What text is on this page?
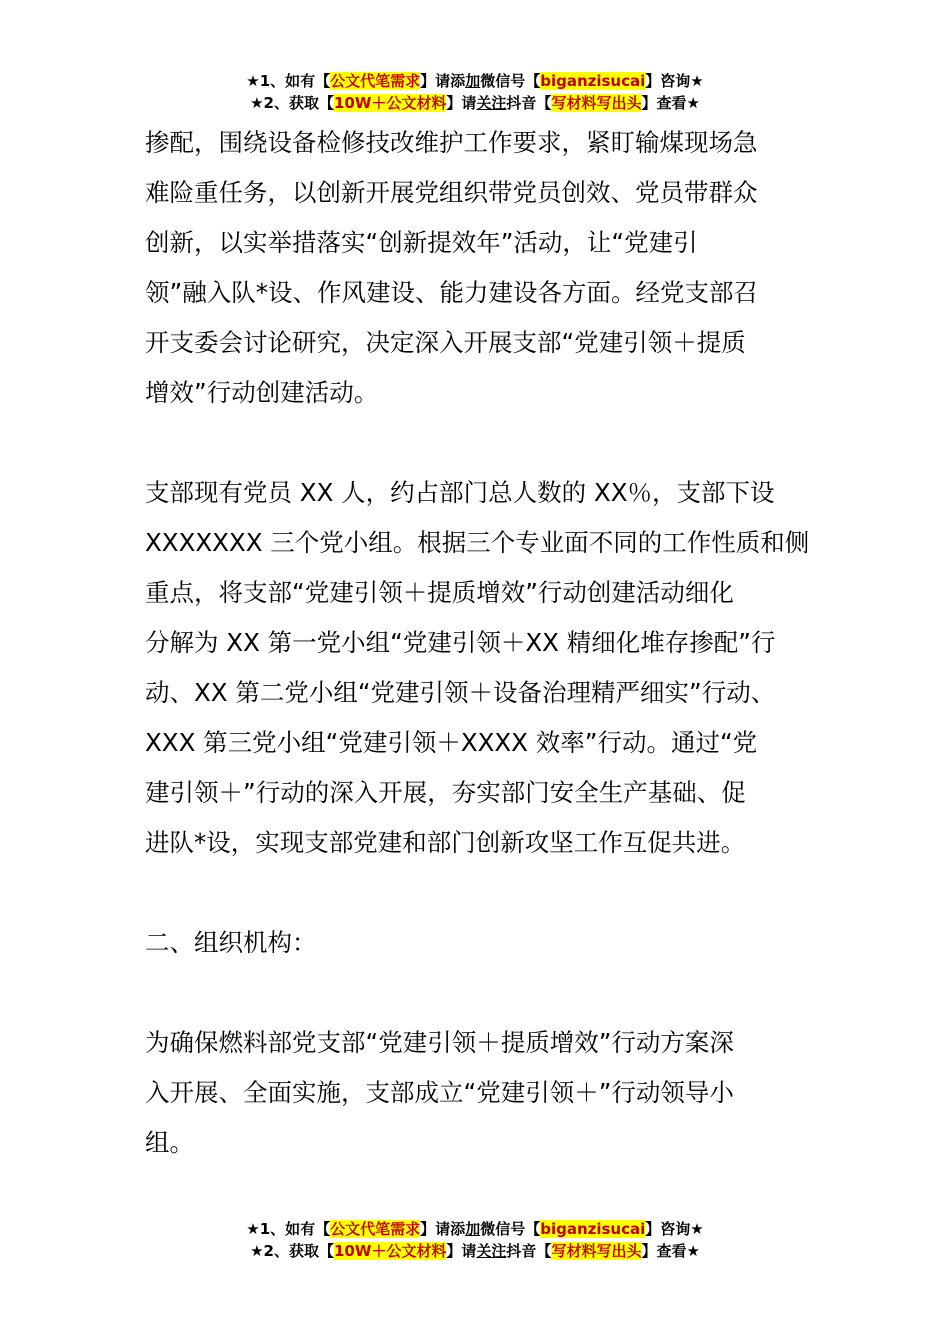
★1、如有【公文代笔需求】请添加微信号【biganzisucai】咨询★
★2、获取【10W＋公文材料】请关注抖音【写材料写出头】查看★
掺配，围绕设备检修技改维护工作要求，紧盯输煤现场急
难险重任务，以创新开展党组织带党员创效、党员带群众
创新，以实举措落实“创新提效年”活动，让“党建引
领”融入队*设、作风建设、能力建设各方面。经党支部召
开支委会讨论研究，决定深入开展支部“党建引领＋提质
增效”行动创建活动。
支部现有党员 XX 人，约占部门总人数的 XX％，支部下设
XXXXXXX 三个党小组。根据三个专业面不同的工作性质和侧
重点，将支部“党建引领＋提质增效”行动创建活动细化
分解为 XX 第一党小组“党建引领＋XX 精细化堆存掺配”行
动、XX 第二党小组“党建引领＋设备治理精严细实”行动、
XXX 第三党小组“党建引领＋XXXX 效率”行动。通过“党
建引领＋”行动的深入开展，夯实部门安全生产基础、促
进队*设，实现支部党建和部门创新攻坚工作互促共进。
二、组织机构：
为确保燃料部党支部“党建引领＋提质增效”行动方案深
入开展、全面实施，支部成立“党建引领＋”行动领导小
组。
★1、如有【公文代笔需求】请添加微信号【biganzisucai】咨询★
★2、获取【10W＋公文材料】请关注抖音【写材料写出头】查看★
